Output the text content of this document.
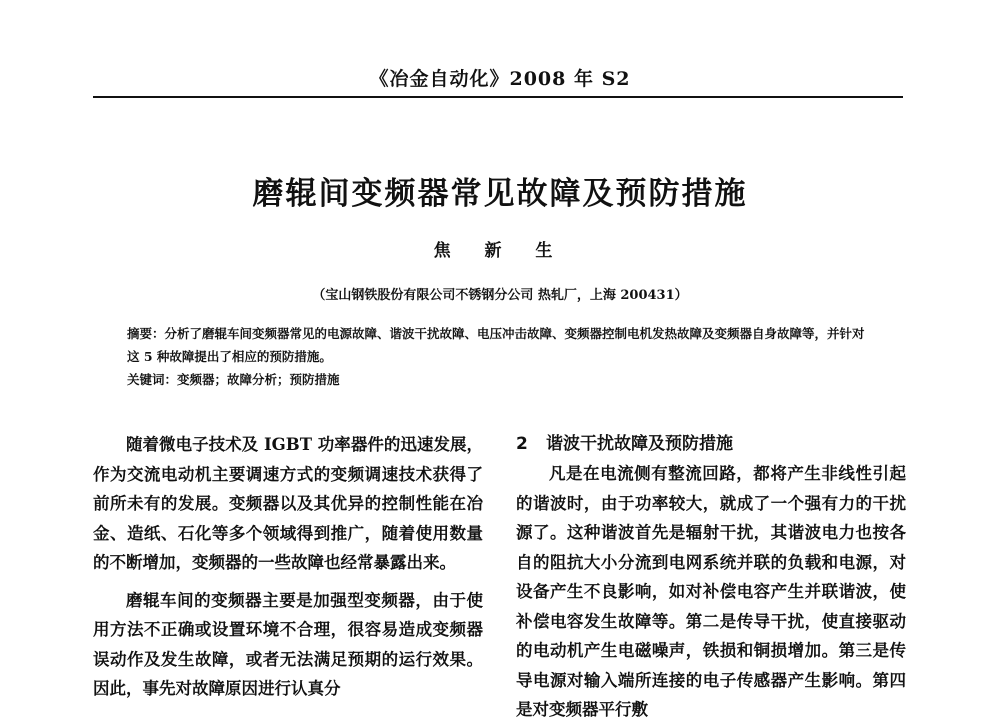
《冶金自动化》2008 年 S2
磨辊间变频器常见故障及预防措施
焦 新 生
（宝山钢铁股份有限公司不锈钢分公司 热轧厂，上海 200431）

摘要：分析了磨辊车间变频器常见的电源故障、谐波干扰故障、电压冲击故障、变频器控制电机发热故障及变频器自身故障等，并针对这 5 种故障提出了相应的预防措施。

关键词：变频器；故障分析；预防措施

随着微电子技术及 IGBT 功率器件的迅速发展，作为交流电动机主要调速方式的变频调速技术获得了前所未有的发展。变频器以及其优异的控制性能在冶金、造纸、石化等多个领域得到推广，随着使用数量的不断增加，变频器的一些故障也经常暴露出来。

磨辊车间的变频器主要是加强型变频器，由于使用方法不正确或设置环境不合理，很容易造成变频器误动作及发生故障，或者无法满足预期的运行效果。因此，事先对故障原因进行认真分

2 谐波干扰故障及预防措施

凡是在电流侧有整流回路，都将产生非线性引起的谐波时，由于功率较大，就成了一个强有力的干扰源了。这种谐波首先是辐射干扰，其谐波电力也按各自的阻抗大小分流到电网系统并联的负载和电源，对设备产生不良影响，如对补偿电容产生并联谐波，使补偿电容发生故障等。第二是传导干扰，使直接驱动的电动机产生电磁噪声，铁损和铜损增加。第三是传导电源对输入端所连接的电子传感器产生影响。第四是对变频器平行敷
